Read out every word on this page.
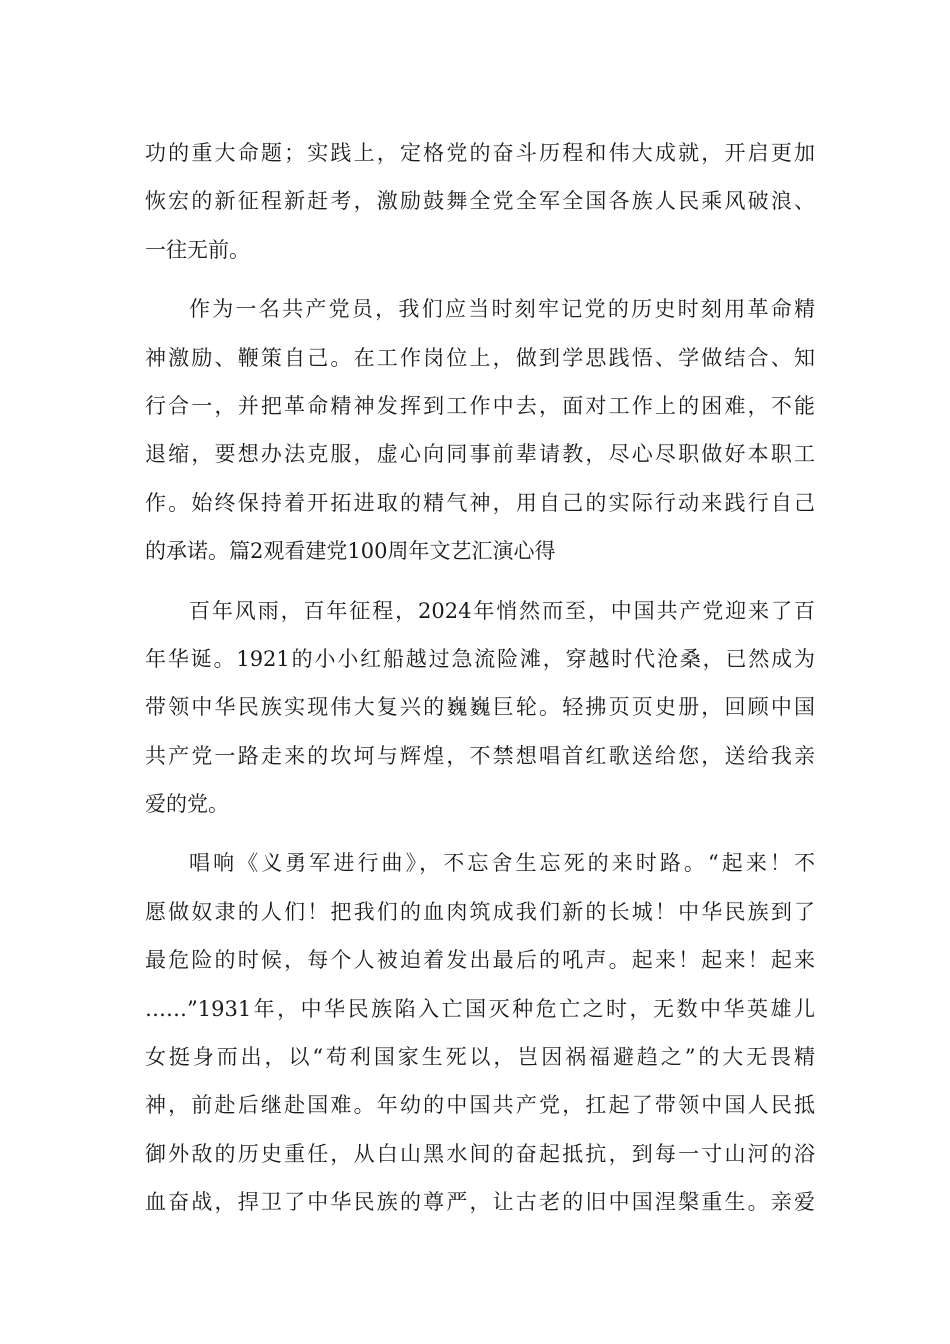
功的重大命题；实践上，定格党的奋斗历程和伟大成就，开启更加
恢宏的新征程新赶考，激励鼓舞全党全军全国各族人民乘风破浪、
一往无前。
作为一名共产党员，我们应当时刻牢记党的历史时刻用革命精
神激励、鞭策自己。在工作岗位上，做到学思践悟、学做结合、知
行合一，并把革命精神发挥到工作中去，面对工作上的困难，不能
退缩，要想办法克服，虚心向同事前辈请教，尽心尽职做好本职工
作。始终保持着开拓进取的精气神，用自己的实际行动来践行自己
的承诺。篇2观看建党100周年文艺汇演心得
百年风雨，百年征程，2024年悄然而至，中国共产党迎来了百
年华诞。1921的小小红船越过急流险滩，穿越时代沧桑，已然成为
带领中华民族实现伟大复兴的巍巍巨轮。轻拂页页史册，回顾中国
共产党一路走来的坎坷与辉煌，不禁想唱首红歌送给您，送给我亲
爱的党。
唱响《义勇军进行曲》，不忘舍生忘死的来时路。“起来！不
愿做奴隶的人们！把我们的血肉筑成我们新的长城！中华民族到了
最危险的时候，每个人被迫着发出最后的吼声。起来！起来！起来
……”1931年，中华民族陷入亡国灭种危亡之时，无数中华英雄儿
女挺身而出，以“苟利国家生死以，岂因祸福避趋之”的大无畏精
神，前赴后继赴国难。年幼的中国共产党，扛起了带领中国人民抵
御外敌的历史重任，从白山黑水间的奋起抵抗，到每一寸山河的浴
血奋战，捍卫了中华民族的尊严，让古老的旧中国涅槃重生。亲爱
